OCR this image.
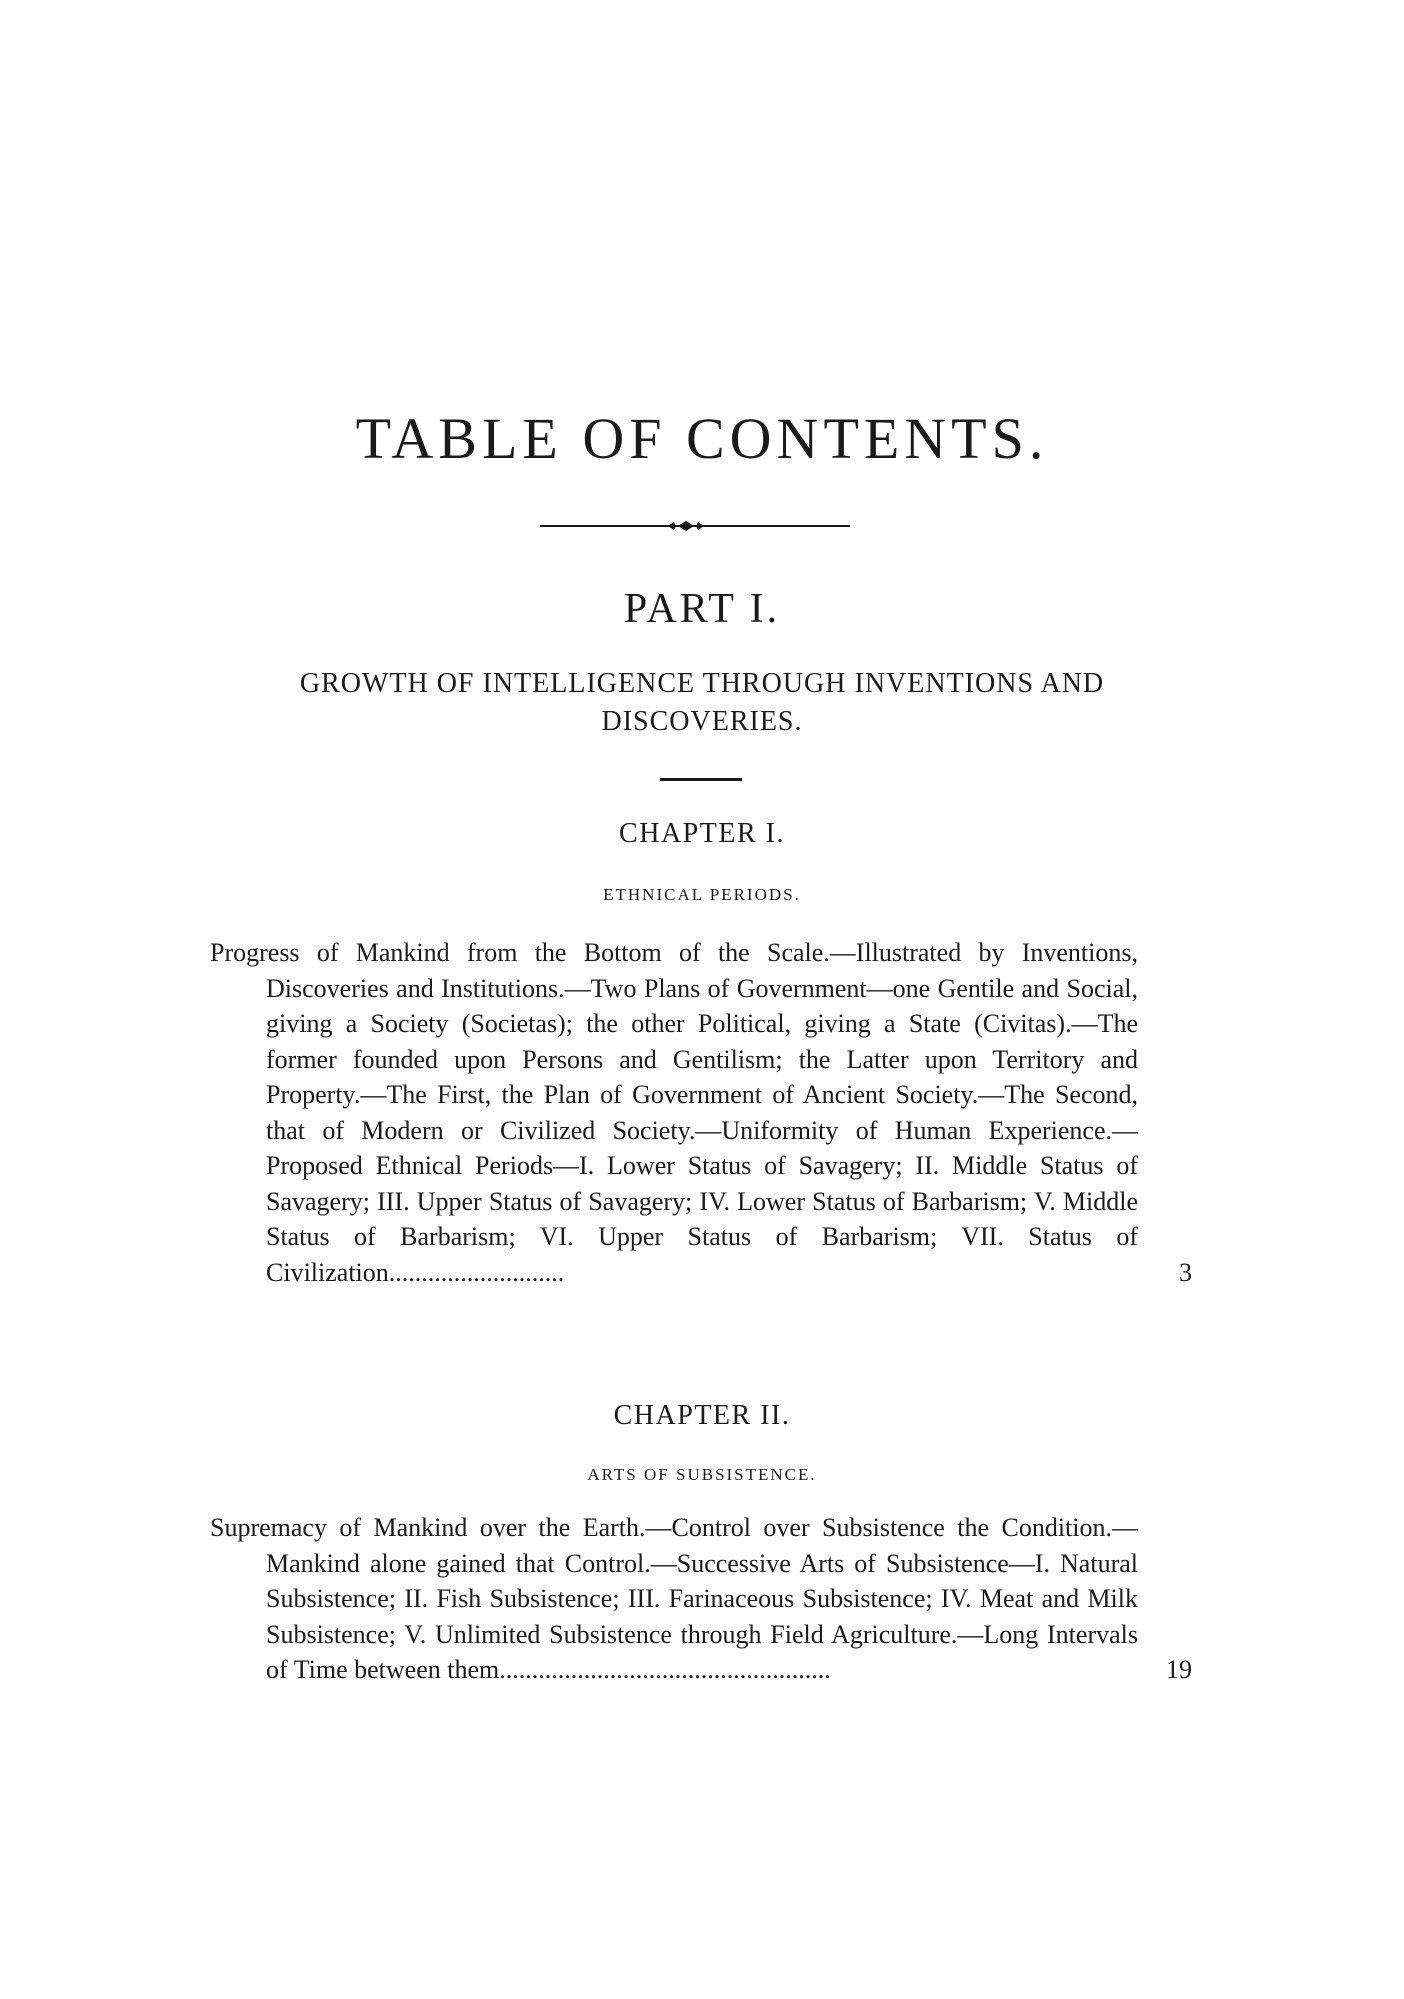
TABLE OF CONTENTS.
PART I.
GROWTH OF INTELLIGENCE THROUGH INVENTIONS AND
DISCOVERIES.
CHAPTER I.
ETHNICAL PERIODS.

Progress of Mankind from the Bottom of the Scale.—Illustrated by Inventions, Discoveries and Institutions.—Two Plans of Government—one Gentile and Social, giving a Society (Societas); the other Political, giving a State (Civitas).—The former founded upon Persons and Gentilism; the Latter upon Territory and Property.—The First, the Plan of Government of Ancient Society.—The Second, that of Modern or Civilized Society.—Uniformity of Human Experience.—Proposed Ethnical Periods—I. Lower Status of Savagery; II. Middle Status of Savagery; III. Upper Status of Savagery; IV. Lower Status of Barbarism; V. Middle Status of Barbarism; VI. Upper Status of Barbarism; VII. Status of Civilization...........................	3
CHAPTER II.
ARTS OF SUBSISTENCE.

Supremacy of Mankind over the Earth.—Control over Subsistence the Condition.—Mankind alone gained that Control.—Successive Arts of Subsistence—I. Natural Subsistence; II. Fish Subsistence; III. Farinaceous Subsistence; IV. Meat and Milk Subsistence; V. Unlimited Subsistence through Field Agriculture.—Long Intervals of Time between them...................................................	19
